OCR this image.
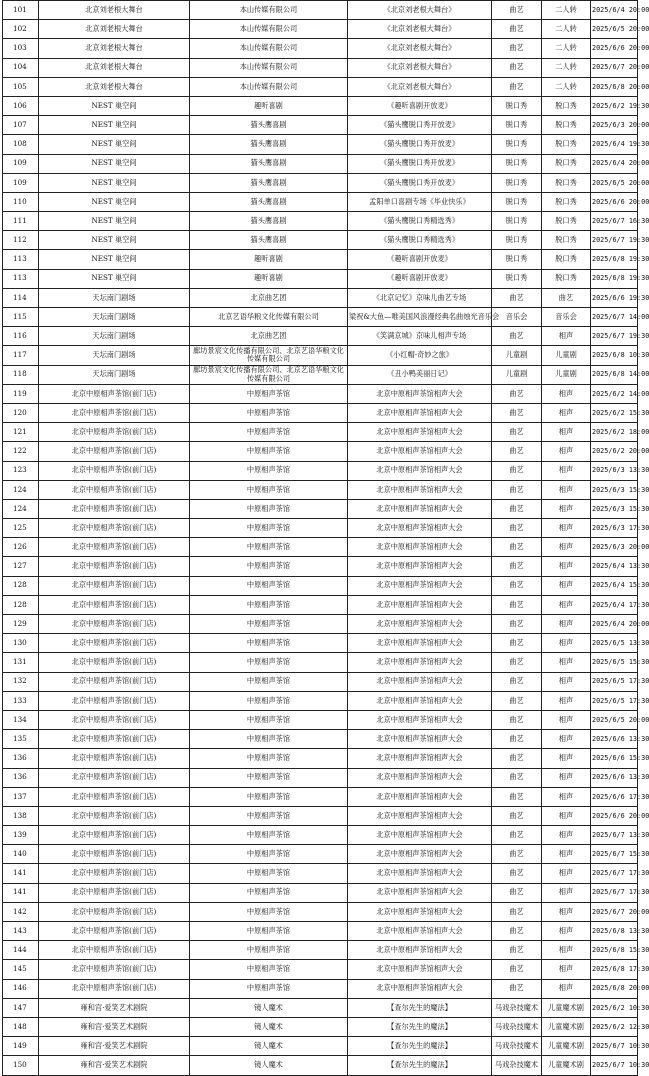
101	北京刘老根大舞台	本山传媒有限公司	《北京刘老根大舞台》	曲艺	二人转	2025/6/4 20:00
102	北京刘老根大舞台	本山传媒有限公司	《北京刘老根大舞台》	曲艺	二人转	2025/6/5 20:00
103	北京刘老根大舞台	本山传媒有限公司	《北京刘老根大舞台》	曲艺	二人转	2025/6/6 20:00
104	北京刘老根大舞台	本山传媒有限公司	《北京刘老根大舞台》	曲艺	二人转	2025/6/7 20:00
105	北京刘老根大舞台	本山传媒有限公司	《北京刘老根大舞台》	曲艺	二人转	2025/6/8 20:00
106	NEST 巢空间	趣听喜剧	《趣听喜剧开放麦》	脱口秀	脱口秀	2025/6/2 19:30
107	NEST 巢空间	猫头鹰喜剧	《猫头鹰脱口秀开放麦》	脱口秀	脱口秀	2025/6/3 20:00
108	NEST 巢空间	猫头鹰喜剧	《猫头鹰脱口秀开放麦》	脱口秀	脱口秀	2025/6/4 19:30
109	NEST 巢空间	猫头鹰喜剧	《猫头鹰脱口秀开放麦》	脱口秀	脱口秀	2025/6/4 20:00
109	NEST 巢空间	猫头鹰喜剧	《猫头鹰脱口秀开放麦》	脱口秀	脱口秀	2025/6/5 20:00
110	NEST 巢空间	猫头鹰喜剧	孟阳单口喜剧专场《毕业快乐》	脱口秀	脱口秀	2025/6/6 20:00
111	NEST 巢空间	猫头鹰喜剧	《猫头鹰脱口秀精选秀》	脱口秀	脱口秀	2025/6/7 16:30
112	NEST 巢空间	猫头鹰喜剧	《猫头鹰脱口秀精选秀》	脱口秀	脱口秀	2025/6/7 19:30
113	NEST 巢空间	趣听喜剧	《趣听喜剧开放麦》	脱口秀	脱口秀	2025/6/8 19:30
113	NEST 巢空间	趣听喜剧	《趣听喜剧开放麦》	脱口秀	脱口秀	2025/6/8 19:30
114	天坛南门剧场	北京曲艺团	《北京记忆》京味儿曲艺专场	曲艺	曲艺	2025/6/6 19:30
115	天坛南门剧场	北京艺语华粮文化传媒有限公司	梁祝&大鱼—唯美国风浪漫经典名曲烛光音乐会	音乐会	音乐会	2025/6/7 14:00
116	天坛南门剧场	北京曲艺团	《笑满京城》京味儿相声专场	曲艺	相声	2025/6/7 19:30
117	天坛南门剧场	廊坊景宸文化传播有限公司、北京艺语华粮文化传媒有限公司	《小红帽-奇妙之旅》	儿童剧	儿童剧	2025/6/8 10:30
118	天坛南门剧场	廊坊景宸文化传播有限公司、北京艺语华粮文化传媒有限公司	《丑小鸭美丽日记》	儿童剧	儿童剧	2025/6/8 14:00
119	北京中原相声茶馆(前门店)	中原相声茶馆	北京中原相声茶馆相声大会	曲艺	相声	2025/6/2 14:00
120	北京中原相声茶馆(前门店)	中原相声茶馆	北京中原相声茶馆相声大会	曲艺	相声	2025/6/2 15:30
121	北京中原相声茶馆(前门店)	中原相声茶馆	北京中原相声茶馆相声大会	曲艺	相声	2025/6/2 18:00
122	北京中原相声茶馆(前门店)	中原相声茶馆	北京中原相声茶馆相声大会	曲艺	相声	2025/6/2 20:00
123	北京中原相声茶馆(前门店)	中原相声茶馆	北京中原相声茶馆相声大会	曲艺	相声	2025/6/3 13:30
124	北京中原相声茶馆(前门店)	中原相声茶馆	北京中原相声茶馆相声大会	曲艺	相声	2025/6/3 15:30
124	北京中原相声茶馆(前门店)	中原相声茶馆	北京中原相声茶馆相声大会	曲艺	相声	2025/6/3 15:30
125	北京中原相声茶馆(前门店)	中原相声茶馆	北京中原相声茶馆相声大会	曲艺	相声	2025/6/3 17:30
126	北京中原相声茶馆(前门店)	中原相声茶馆	北京中原相声茶馆相声大会	曲艺	相声	2025/6/3 20:00
127	北京中原相声茶馆(前门店)	中原相声茶馆	北京中原相声茶馆相声大会	曲艺	相声	2025/6/4 13:30
128	北京中原相声茶馆(前门店)	中原相声茶馆	北京中原相声茶馆相声大会	曲艺	相声	2025/6/4 15:30
128	北京中原相声茶馆(前门店)	中原相声茶馆	北京中原相声茶馆相声大会	曲艺	相声	2025/6/4 17:30
129	北京中原相声茶馆(前门店)	中原相声茶馆	北京中原相声茶馆相声大会	曲艺	相声	2025/6/4 20:00
130	北京中原相声茶馆(前门店)	中原相声茶馆	北京中原相声茶馆相声大会	曲艺	相声	2025/6/5 13:30
131	北京中原相声茶馆(前门店)	中原相声茶馆	北京中原相声茶馆相声大会	曲艺	相声	2025/6/5 15:30
132	北京中原相声茶馆(前门店)	中原相声茶馆	北京中原相声茶馆相声大会	曲艺	相声	2025/6/5 17:30
133	北京中原相声茶馆(前门店)	中原相声茶馆	北京中原相声茶馆相声大会	曲艺	相声	2025/6/5 17:30
134	北京中原相声茶馆(前门店)	中原相声茶馆	北京中原相声茶馆相声大会	曲艺	相声	2025/6/5 20:00
135	北京中原相声茶馆(前门店)	中原相声茶馆	北京中原相声茶馆相声大会	曲艺	相声	2025/6/6 13:30
136	北京中原相声茶馆(前门店)	中原相声茶馆	北京中原相声茶馆相声大会	曲艺	相声	2025/6/6 15:30
136	北京中原相声茶馆(前门店)	中原相声茶馆	北京中原相声茶馆相声大会	曲艺	相声	2025/6/6 13:30
137	北京中原相声茶馆(前门店)	中原相声茶馆	北京中原相声茶馆相声大会	曲艺	相声	2025/6/6 17:30
138	北京中原相声茶馆(前门店)	中原相声茶馆	北京中原相声茶馆相声大会	曲艺	相声	2025/6/6 20:00
139	北京中原相声茶馆(前门店)	中原相声茶馆	北京中原相声茶馆相声大会	曲艺	相声	2025/6/7 13:30
140	北京中原相声茶馆(前门店)	中原相声茶馆	北京中原相声茶馆相声大会	曲艺	相声	2025/6/7 15:30
141	北京中原相声茶馆(前门店)	中原相声茶馆	北京中原相声茶馆相声大会	曲艺	相声	2025/6/7 17:30
141	北京中原相声茶馆(前门店)	中原相声茶馆	北京中原相声茶馆相声大会	曲艺	相声	2025/6/7 17:30
142	北京中原相声茶馆(前门店)	中原相声茶馆	北京中原相声茶馆相声大会	曲艺	相声	2025/6/7 20:00
143	北京中原相声茶馆(前门店)	中原相声茶馆	北京中原相声茶馆相声大会	曲艺	相声	2025/6/8 13:30
144	北京中原相声茶馆(前门店)	中原相声茶馆	北京中原相声茶馆相声大会	曲艺	相声	2025/6/8 15:30
145	北京中原相声茶馆(前门店)	中原相声茶馆	北京中原相声茶馆相声大会	曲艺	相声	2025/6/8 17:30
146	北京中原相声茶馆(前门店)	中原相声茶馆	北京中原相声茶馆相声大会	曲艺	相声	2025/6/8 20:00
147	雍和宫·爱笑艺术剧院	镜人魔术	【查尔先生的魔法】	马戏杂技魔术	儿童魔术剧	2025/6/2 10:30
148	雍和宫·爱笑艺术剧院	镜人魔术	【查尔先生的魔法】	马戏杂技魔术	儿童魔术剧	2025/6/2 12:30
149	雍和宫·爱笑艺术剧院	镜人魔术	【查尔先生的魔法】	马戏杂技魔术	儿童魔术剧	2025/6/7 10:30
150	雍和宫·爱笑艺术剧院	镜人魔术	【查尔先生的魔法】	马戏杂技魔术	儿童魔术剧	2025/6/7 10:30
